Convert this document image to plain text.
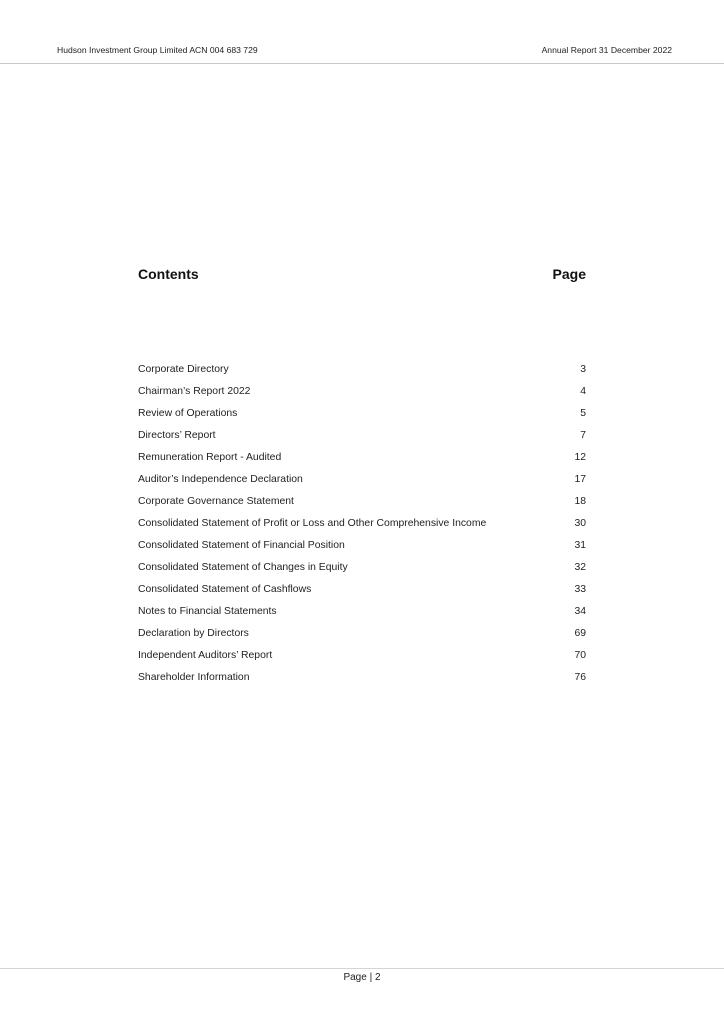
Hudson Investment Group Limited ACN 004 683 729	Annual Report 31 December 2022
Contents	Page
Corporate Directory	3
Chairman’s Report 2022	4
Review of Operations	5
Directors’ Report	7
Remuneration Report - Audited	12
Auditor’s Independence Declaration	17
Corporate Governance Statement	18
Consolidated Statement of Profit or Loss and Other Comprehensive Income	30
Consolidated Statement of Financial Position	31
Consolidated Statement of Changes in Equity	32
Consolidated Statement of Cashflows	33
Notes to Financial Statements	34
Declaration by Directors	69
Independent Auditors’ Report	70
Shareholder Information	76
Page | 2
